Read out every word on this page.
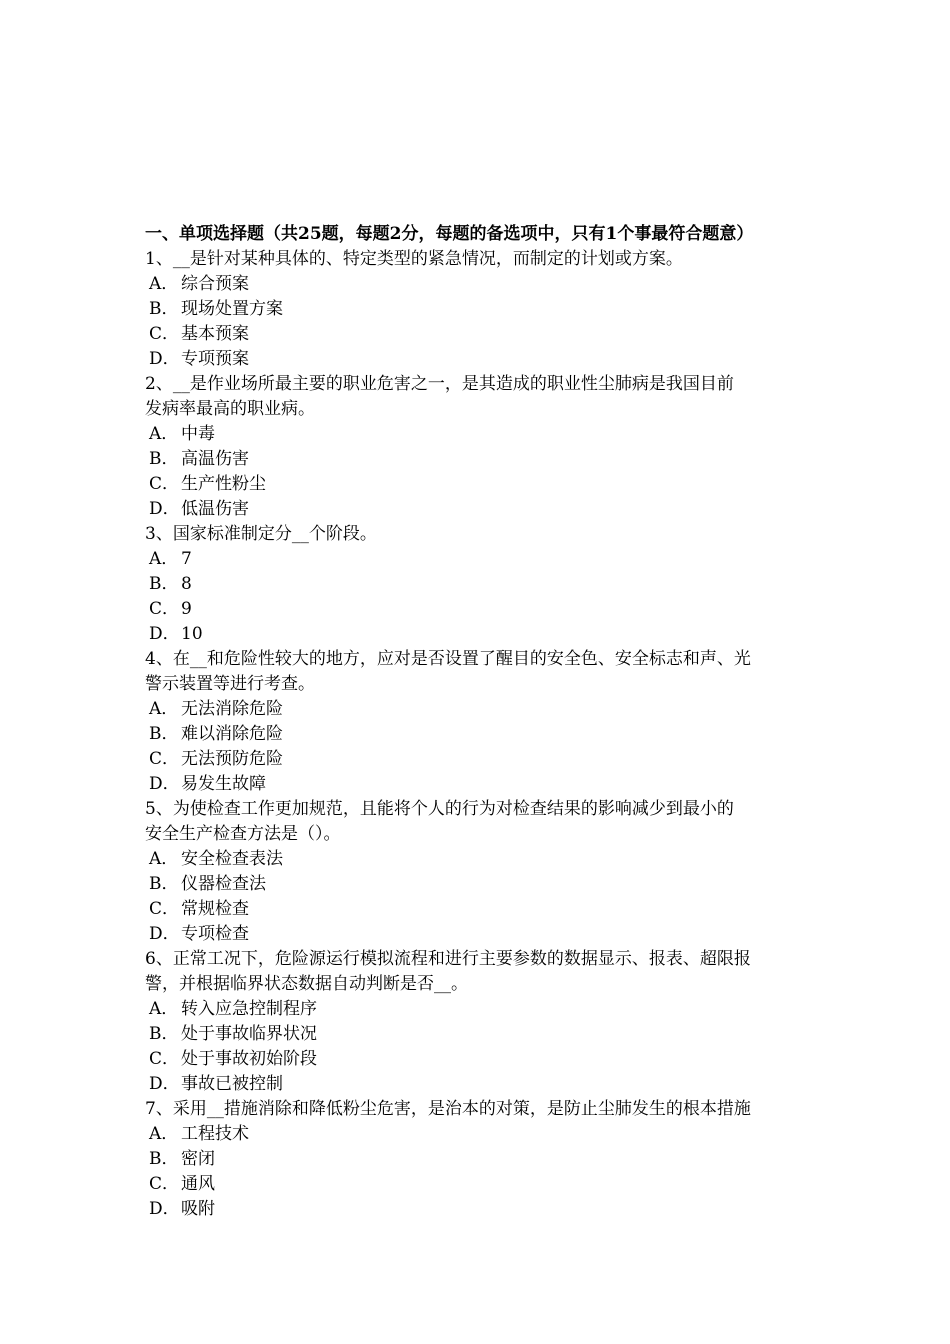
一、单项选择题（共25题，每题2分，每题的备选项中，只有1个事最符合题意）
1、__是针对某种具体的、特定类型的紧急情况，而制定的计划或方案。
A． 综合预案
B． 现场处置方案
C． 基本预案
D．专项预案
2、__是作业场所最主要的职业危害之一，是其造成的职业性尘肺病是我国目前
发病率最高的职业病。
A． 中毒
B． 高温伤害
C． 生产性粉尘
D．低温伤害
3、国家标准制定分__个阶段。
A． 7
B． 8
C． 9
D．10
4、在__和危险性较大的地方，应对是否设置了醒目的安全色、安全标志和声、光
警示装置等进行考查。
A． 无法消除危险
B． 难以消除危险
C． 无法预防危险
D．易发生故障
5、为使检查工作更加规范，且能将个人的行为对检查结果的影响减少到最小的
安全生产检查方法是（）。
A． 安全检查表法
B． 仪器检查法
C． 常规检查
D．专项检查
6、正常工况下，危险源运行模拟流程和进行主要参数的数据显示、报表、超限报
警，并根据临界状态数据自动判断是否__。
A． 转入应急控制程序
B． 处于事故临界状况
C． 处于事故初始阶段
D．事故已被控制
7、采用__措施消除和降低粉尘危害，是治本的对策，是防止尘肺发生的根本措施
A． 工程技术
B． 密闭
C． 通风
D．吸附
